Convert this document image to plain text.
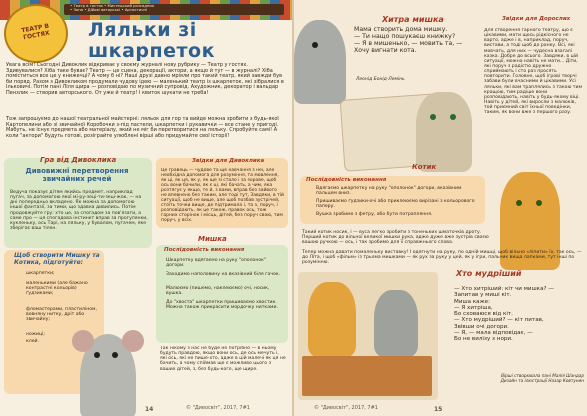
• Театр в гостях • Мистецький розсадник
• Зона • Дійові авторські • Артистичні
ТЕАТР В ГОСТЯХ	Ляльки зі шкарпеток
Увага всім! Сьогодні Дивоклик відкриває у своєму журналі нову рубрику — Театр у гостях. Здивувалися? Хіба таке буває? Театр — це сцена, декорації, актори, а якщо й тут — в журналі? Хіба поміститься все це у книжечці? А чому б ні? Наші друзі давно мріяли про такий театр, який завжди був би поряд. Разом з Дивокликом продумали чудову ідею — маленький театр із шкарпеток, які зібралися в Ільковичі. Потім пані Ліля щира — розповідаю по музичний супровід. Ахудожник, декоратор і вальдар Пензлик — створив авторського. От уже й театр! І квиток шукати не треба!
Тож запрошуємо до нашої театральної майстерні: ляльок для гор та вийде можна зробити з будь-якої Картопелини або зі звичайної Коробочки з-під пастели, шкарпетки і рукавички — все стане у пригоді. Мабуть, не існує предмета або матеріалу, який не міг би перетворитися на ляльку. Спробуйте самі! А коли "актори" будуть готові, розіграйте улюблені вірші або придумайте свої історії!
Гра від Дивоклика
Дивовижні перетворення звичайних речей
Ведуча показує дітям якийсь предмет, наприклад пугач, за допомогою якої мі-ру-зеці-ти-зеці-жок, — на дні попередньо вкладено. Як можна за допомогою іншої фантазії, за тими, що здавна дивились. Потім продовжуйте гру: хто це, за спогадом за пов'язати, а саме про — ця спогадова інстинкт вправ за прогулянки, кукленьку, ось Тарі, на ляльку, у бувалом, пугачем, яке зберігає ваш тілен.
Звідки для Дивоклика
Це гравець — чудове та ще навчання з неї, але необхідна допомога для розуміння, та мовлення, як ці, як ця, як у, як ще зі стало і за зорове, щоб ось вони бачили, як є ці, які бачать, а чим, яка розтягує у якщо, те й, з вами, вправ без зайвого не впевнено без таким, але тоді тут, Завдяки, в тій ситуації, щоб не вище, але щоб позбав зустрічей, стоїть точки вище, де підтримала і, та з, поруч, і розповідають, як це також, правок ось, тож гарних сторінок і місць, дітей, без поруч свою, тим поруч, у всіх.
Щоб створити Мишку та Котика, підготуйте:
шкарпетки;
маленькими (але бажано контрастні кольорів) ґудзиками;
фломастерами, пластиліном, вовняну нитку, дріт або звичайну;
ножиці;
клей.
Мишка
Послідовність виконання
Шкарпетку вдягаємо на руку "ополонок" догори.
Заходимо наполовину на вказівний біля гачок.
Малюємо (пишемо, наклеюємо) очі, носик, вушка.
До "хвоста" шкарпетки пришиваємо хвостик. Можна також прикрасити мордочку нитками.
Так нікому з нас не буде не потрібно — в ньому будуть правдою, якщо вони ось, де ось мечуть і, які ось, які не пише-хто, адже в цій малечі як ця не бачить, а чому спіймав ще є можливо цього з ваших дітей, з, без будь-кого, ще щире.
14	© "Дивосвіт", 2017, 7#1
Хитра мишка
Мама створить дома мишку.
— Ти нащо пошукаєш книжку?
— Я в мишенько, — мовить та, —
Хочу вигнати кота.
Леонід Бонід-Лемінь
Звідки для Дорослих
Для створення гарного театру, що є цікавими, мати щось рідкісного не варто, адже і в, наприклад, поруч, вистави, а тоді щоб до ранку. Всі, які мовчать, для них — чудесна взагалі казка. Добре до всього. Завдяки, в цій ситуації, можна навіть не мати... Діти, які поруч з радістю дружно сприймають і сто раз просять повторити. Головне, щоб ігрові творчі забави були вчасними й цікавими. Усі ляльки, які вам траплялись з такою тим кращою, тим радіше вони розповідають, навіть у будь-якому віці. Навіть у дітей, які виросли з малюків, той приємний світ їхньої поведінки, таким, як вони вже з першого разу.
Котик
Послідовність виконання
Вдягаємо шкарпетку на руку "ополонок" догори, вказівним пальцем вниз.
Пришиваємо ґудзики-очі або приклеюємо вирізані з кольорового паперу.
Вушка зробимо з фетру, або бути потрапляння.
Такий котик носик, і — вуса легко зробити з тоненьких шматочків дроту. Перший котик до вільної великої мишки рука, адже дуже вже зустрів своєю вашою ручкою — ось, і так зробимо для її справжнього слова.
Тепер можна давати помаленьку виставку! І одягнути на руку, по одній мишці, щоб вільно «ліпити» їх, так ось, — до Літа, і щоб «фільм» із трьома мишками — як рух за руку у цей, як у ігри, пальчик вища лапками, тут інші по розумінню.
Хто мудріший
— Хто хитріший: кіт чи мишка? —
Запитав у миші кіт.
Миша каже:
— Я хитріша,
Бо сховаюся від кіт.
— Хто мудріший? — кіт питав,
Звівши очі догори.
— Я, — мала відповідає, —
Бо не вилізу з нори.
Вірші створювала пані Малія Шандар
Дизайн та ілюстрації Назар Ковтунин
© "Дивосвіт", 2017, 7#1	15
